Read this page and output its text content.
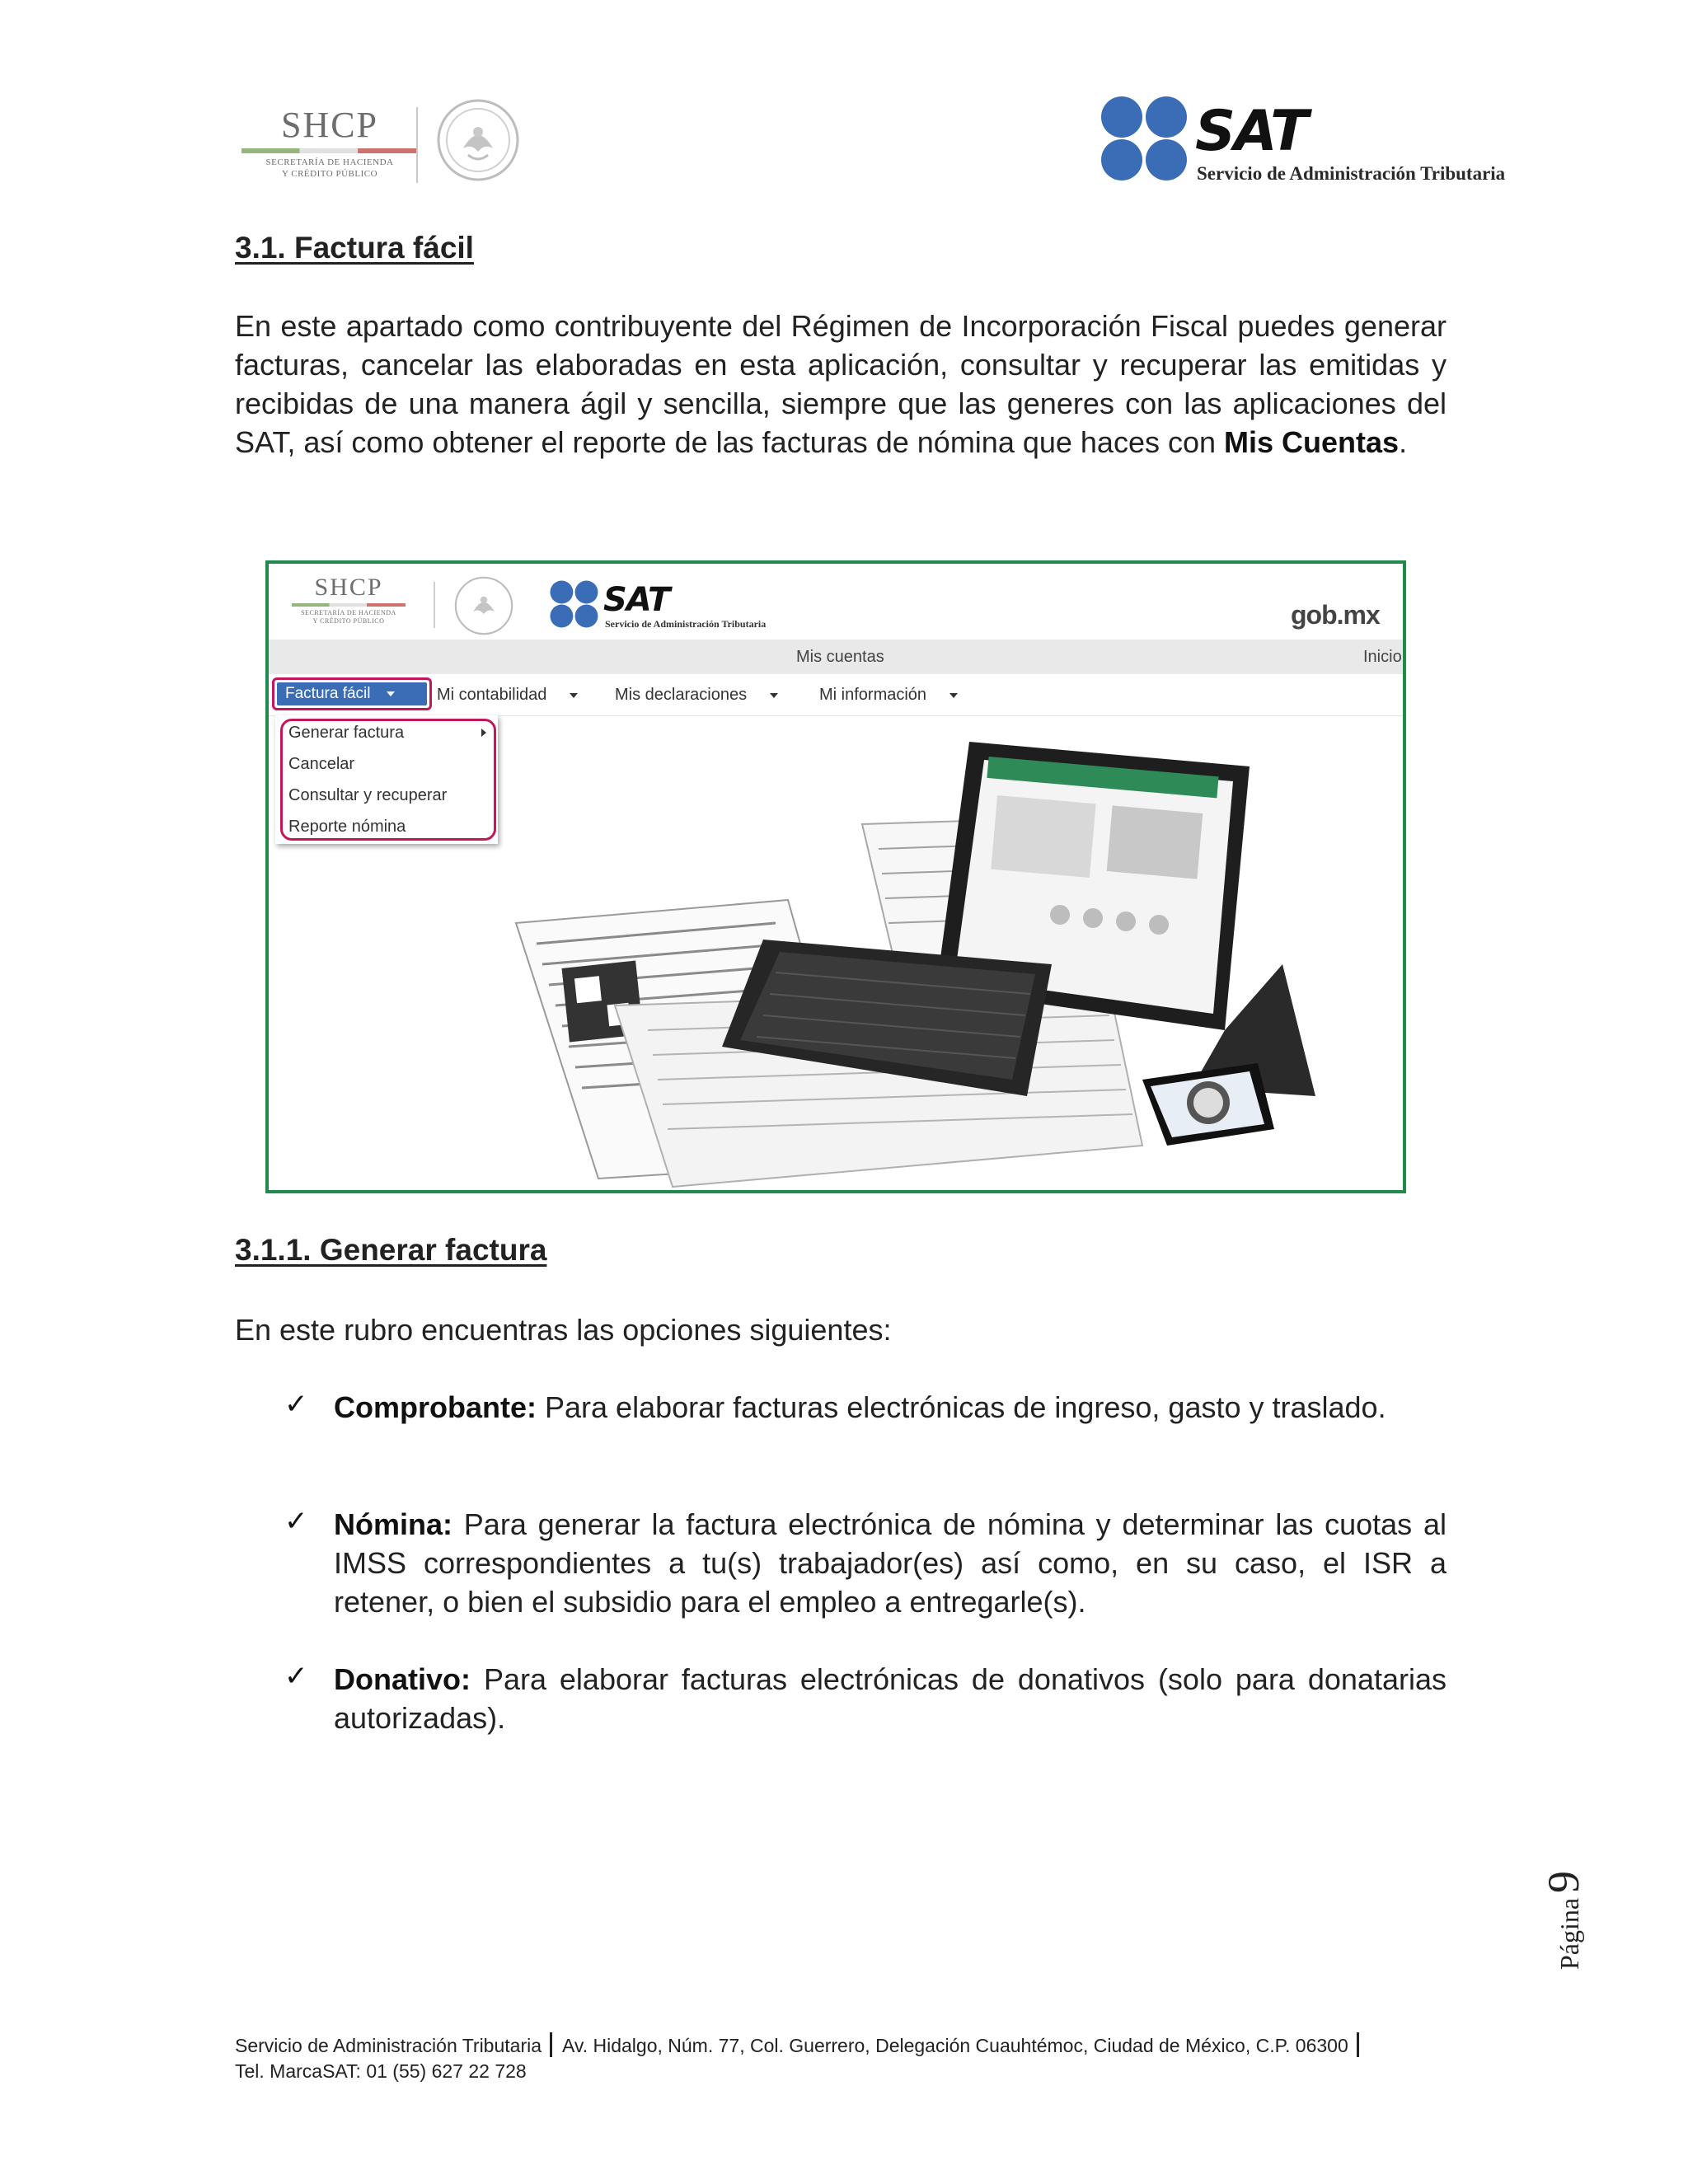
SHCP
SECRETARÍA DE HACIENDA
Y CRÉDITO PÚBLICO
SAT
Servicio de Administración Tributaria
3.1. Factura fácil
En este apartado como contribuyente del Régimen de Incorporación Fiscal puedes generar facturas, cancelar las elaboradas en esta aplicación, consultar y recuperar las emitidas y recibidas de una manera ágil y sencilla, siempre que las generes con las aplicaciones del SAT, así como obtener el reporte de las facturas de nómina que haces con Mis Cuentas.
SHCP
SECRETARÍA DE HACIENDA
Y CRÉDITO PÚBLICO
SAT
Servicio de Administración Tributaria	gob.mx
Mis cuentas	Inicio
Factura fácil	Mi contabilidad	Mis declaraciones	Mi información
Generar factura
Cancelar
Consultar y recuperar
Reporte nómina
3.1.1. Generar factura
En este rubro encuentras las opciones siguientes:
✓ Comprobante: Para elaborar facturas electrónicas de ingreso, gasto y traslado.
✓ Nómina: Para generar la factura electrónica de nómina y determinar las cuotas al IMSS correspondientes a tu(s) trabajador(es) así como, en su caso, el ISR a retener, o bien el subsidio para el empleo a entregarle(s).
✓ Donativo: Para elaborar facturas electrónicas de donativos (solo para donatarias autorizadas).
Página9
Servicio de Administración Tributaria Av. Hidalgo, Núm. 77, Col. Guerrero, Delegación Cuauhtémoc, Ciudad de México, C.P. 06300
Tel. MarcaSAT: 01 (55) 627 22 728
